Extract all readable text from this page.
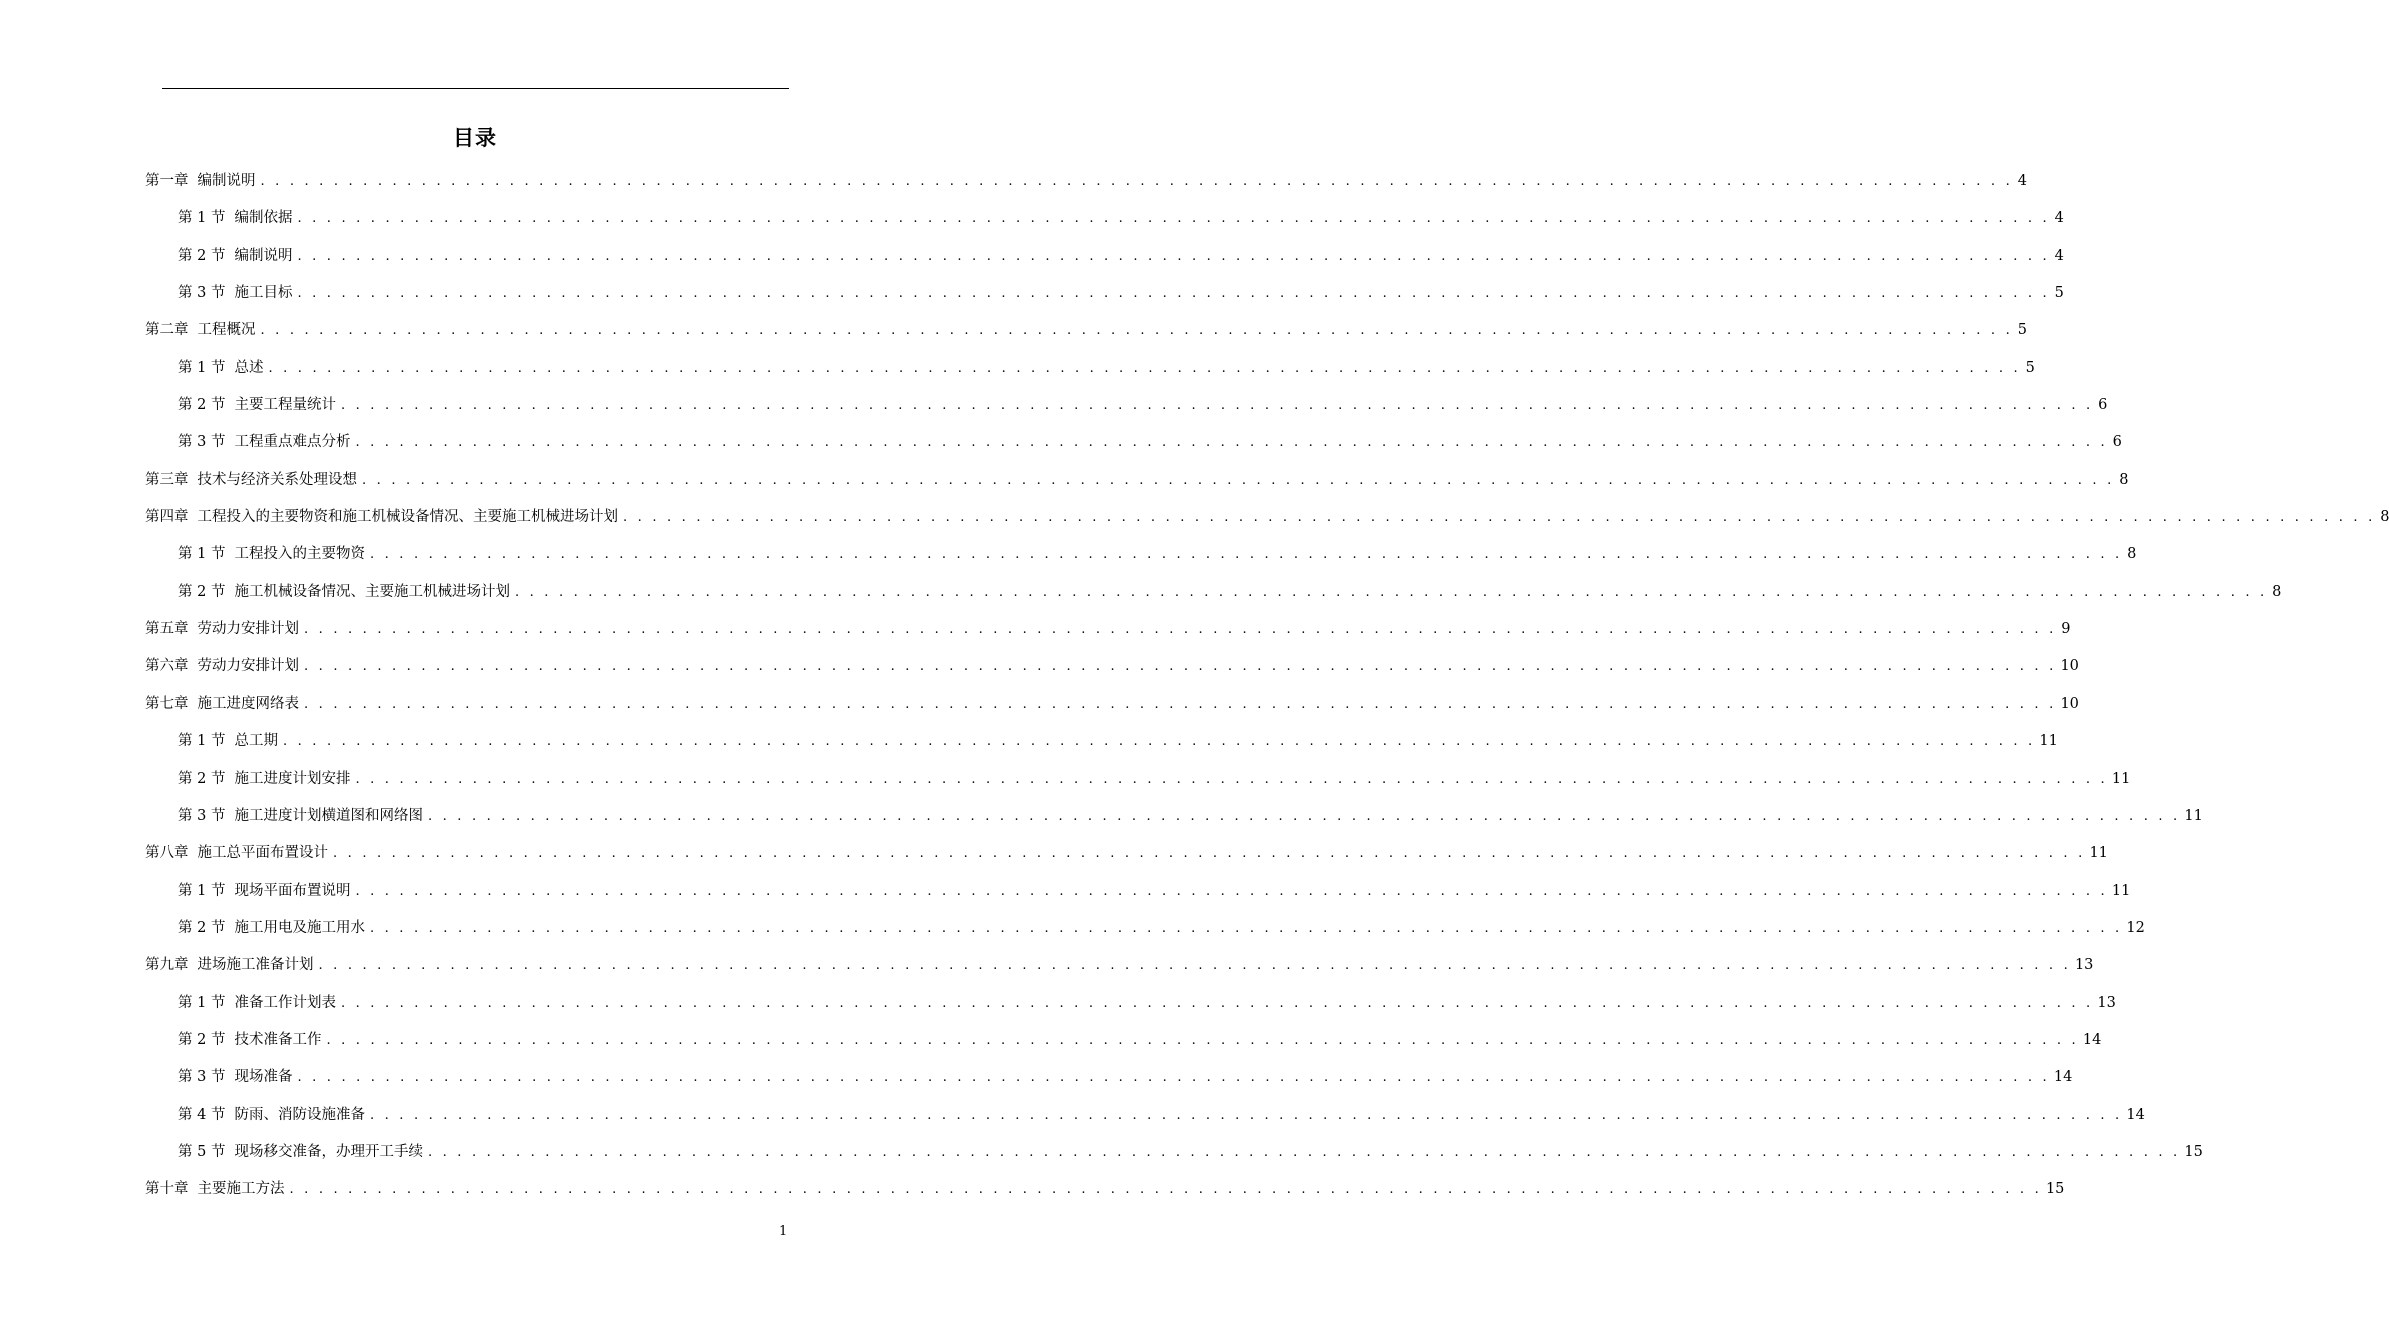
目录
第一章 编制说明 . . . . . . . . . . . . . . . . . . . . . . . . . . . . . . . . . . . . . . . . . . . . . . . . . . . . . . . . . . . . . . . . . . . . . . . . . . . . . . . . . . . . . . . . . . . . . . . . . . . . . . . . . . . . . . . . . . . . . . . . 4
第 1 节 编制依据 . . . . . . . . . . . . . . . . . . . . . . . . . . . . . . . . . . . . . . . . . . . . . . . . . . . . . . . . . . . . . . . . . . . . . . . . . . . . . . . . . . . . . . . . . . . . . . . . . . . . . . . . . . . . . . . . . . . . . . . . 4
第 2 节 编制说明 . . . . . . . . . . . . . . . . . . . . . . . . . . . . . . . . . . . . . . . . . . . . . . . . . . . . . . . . . . . . . . . . . . . . . . . . . . . . . . . . . . . . . . . . . . . . . . . . . . . . . . . . . . . . . . . . . . . . . . . . 4
第 3 节 施工目标 . . . . . . . . . . . . . . . . . . . . . . . . . . . . . . . . . . . . . . . . . . . . . . . . . . . . . . . . . . . . . . . . . . . . . . . . . . . . . . . . . . . . . . . . . . . . . . . . . . . . . . . . . . . . . . . . . . . . . . . . 5
第二章 工程概况 . . . . . . . . . . . . . . . . . . . . . . . . . . . . . . . . . . . . . . . . . . . . . . . . . . . . . . . . . . . . . . . . . . . . . . . . . . . . . . . . . . . . . . . . . . . . . . . . . . . . . . . . . . . . . . . . . . . . . . . . 5
第 1 节 总述 . . . . . . . . . . . . . . . . . . . . . . . . . . . . . . . . . . . . . . . . . . . . . . . . . . . . . . . . . . . . . . . . . . . . . . . . . . . . . . . . . . . . . . . . . . . . . . . . . . . . . . . . . . . . . . . . . . . . . . . . 5
第 2 节 主要工程量统计 . . . . . . . . . . . . . . . . . . . . . . . . . . . . . . . . . . . . . . . . . . . . . . . . . . . . . . . . . . . . . . . . . . . . . . . . . . . . . . . . . . . . . . . . . . . . . . . . . . . . . . . . . . . . . . . . . . . . . . . . 6
第 3 节 工程重点难点分析 . . . . . . . . . . . . . . . . . . . . . . . . . . . . . . . . . . . . . . . . . . . . . . . . . . . . . . . . . . . . . . . . . . . . . . . . . . . . . . . . . . . . . . . . . . . . . . . . . . . . . . . . . . . . . . . . . . . . . . . . 6
第三章 技术与经济关系处理设想 . . . . . . . . . . . . . . . . . . . . . . . . . . . . . . . . . . . . . . . . . . . . . . . . . . . . . . . . . . . . . . . . . . . . . . . . . . . . . . . . . . . . . . . . . . . . . . . . . . . . . . . . . . . . . . . . . . . . . . . . 8
第四章 工程投入的主要物资和施工机械设备情况、主要施工机械进场计划 . . . . . . . . . . . . . . . . . . . . . . . . . . . . . . . . . . . . . . . . . . . . . . . . . . . . . . . . . . . . . . . . . . . . . . . . . . . . . . . . . . . . . . . . . . . . . . . . . . . . . . . . . . . . . . . . . . . . . . . . 8
第 1 节 工程投入的主要物资 . . . . . . . . . . . . . . . . . . . . . . . . . . . . . . . . . . . . . . . . . . . . . . . . . . . . . . . . . . . . . . . . . . . . . . . . . . . . . . . . . . . . . . . . . . . . . . . . . . . . . . . . . . . . . . . . . . . . . . . . 8
第 2 节 施工机械设备情况、主要施工机械进场计划 . . . . . . . . . . . . . . . . . . . . . . . . . . . . . . . . . . . . . . . . . . . . . . . . . . . . . . . . . . . . . . . . . . . . . . . . . . . . . . . . . . . . . . . . . . . . . . . . . . . . . . . . . . . . . . . . . . . . . . . . 8
第五章 劳动力安排计划 . . . . . . . . . . . . . . . . . . . . . . . . . . . . . . . . . . . . . . . . . . . . . . . . . . . . . . . . . . . . . . . . . . . . . . . . . . . . . . . . . . . . . . . . . . . . . . . . . . . . . . . . . . . . . . . . . . . . . . . . 9
第六章 劳动力安排计划 . . . . . . . . . . . . . . . . . . . . . . . . . . . . . . . . . . . . . . . . . . . . . . . . . . . . . . . . . . . . . . . . . . . . . . . . . . . . . . . . . . . . . . . . . . . . . . . . . . . . . . . . . . . . . . . . . . . . . . . . 10
第七章 施工进度网络表 . . . . . . . . . . . . . . . . . . . . . . . . . . . . . . . . . . . . . . . . . . . . . . . . . . . . . . . . . . . . . . . . . . . . . . . . . . . . . . . . . . . . . . . . . . . . . . . . . . . . . . . . . . . . . . . . . . . . . . . . 10
第 1 节 总工期 . . . . . . . . . . . . . . . . . . . . . . . . . . . . . . . . . . . . . . . . . . . . . . . . . . . . . . . . . . . . . . . . . . . . . . . . . . . . . . . . . . . . . . . . . . . . . . . . . . . . . . . . . . . . . . . . . . . . . . . . 11
第 2 节 施工进度计划安排 . . . . . . . . . . . . . . . . . . . . . . . . . . . . . . . . . . . . . . . . . . . . . . . . . . . . . . . . . . . . . . . . . . . . . . . . . . . . . . . . . . . . . . . . . . . . . . . . . . . . . . . . . . . . . . . . . . . . . . . . 11
第 3 节 施工进度计划横道图和网络图 . . . . . . . . . . . . . . . . . . . . . . . . . . . . . . . . . . . . . . . . . . . . . . . . . . . . . . . . . . . . . . . . . . . . . . . . . . . . . . . . . . . . . . . . . . . . . . . . . . . . . . . . . . . . . . . . . . . . . . . . 11
第八章 施工总平面布置设计 . . . . . . . . . . . . . . . . . . . . . . . . . . . . . . . . . . . . . . . . . . . . . . . . . . . . . . . . . . . . . . . . . . . . . . . . . . . . . . . . . . . . . . . . . . . . . . . . . . . . . . . . . . . . . . . . . . . . . . . . 11
第 1 节 现场平面布置说明 . . . . . . . . . . . . . . . . . . . . . . . . . . . . . . . . . . . . . . . . . . . . . . . . . . . . . . . . . . . . . . . . . . . . . . . . . . . . . . . . . . . . . . . . . . . . . . . . . . . . . . . . . . . . . . . . . . . . . . . . 11
第 2 节 施工用电及施工用水 . . . . . . . . . . . . . . . . . . . . . . . . . . . . . . . . . . . . . . . . . . . . . . . . . . . . . . . . . . . . . . . . . . . . . . . . . . . . . . . . . . . . . . . . . . . . . . . . . . . . . . . . . . . . . . . . . . . . . . . . 12
第九章 进场施工准备计划 . . . . . . . . . . . . . . . . . . . . . . . . . . . . . . . . . . . . . . . . . . . . . . . . . . . . . . . . . . . . . . . . . . . . . . . . . . . . . . . . . . . . . . . . . . . . . . . . . . . . . . . . . . . . . . . . . . . . . . . . 13
第 1 节 准备工作计划表 . . . . . . . . . . . . . . . . . . . . . . . . . . . . . . . . . . . . . . . . . . . . . . . . . . . . . . . . . . . . . . . . . . . . . . . . . . . . . . . . . . . . . . . . . . . . . . . . . . . . . . . . . . . . . . . . . . . . . . . . 13
第 2 节 技术准备工作 . . . . . . . . . . . . . . . . . . . . . . . . . . . . . . . . . . . . . . . . . . . . . . . . . . . . . . . . . . . . . . . . . . . . . . . . . . . . . . . . . . . . . . . . . . . . . . . . . . . . . . . . . . . . . . . . . . . . . . . . 14
第 3 节 现场准备 . . . . . . . . . . . . . . . . . . . . . . . . . . . . . . . . . . . . . . . . . . . . . . . . . . . . . . . . . . . . . . . . . . . . . . . . . . . . . . . . . . . . . . . . . . . . . . . . . . . . . . . . . . . . . . . . . . . . . . . . 14
第 4 节 防雨、消防设施准备 . . . . . . . . . . . . . . . . . . . . . . . . . . . . . . . . . . . . . . . . . . . . . . . . . . . . . . . . . . . . . . . . . . . . . . . . . . . . . . . . . . . . . . . . . . . . . . . . . . . . . . . . . . . . . . . . . . . . . . . . 14
第 5 节 现场移交准备，办理开工手续 . . . . . . . . . . . . . . . . . . . . . . . . . . . . . . . . . . . . . . . . . . . . . . . . . . . . . . . . . . . . . . . . . . . . . . . . . . . . . . . . . . . . . . . . . . . . . . . . . . . . . . . . . . . . . . . . . . . . . . . . 15
第十章 主要施工方法 . . . . . . . . . . . . . . . . . . . . . . . . . . . . . . . . . . . . . . . . . . . . . . . . . . . . . . . . . . . . . . . . . . . . . . . . . . . . . . . . . . . . . . . . . . . . . . . . . . . . . . . . . . . . . . . . . . . . . . . . 15
1
